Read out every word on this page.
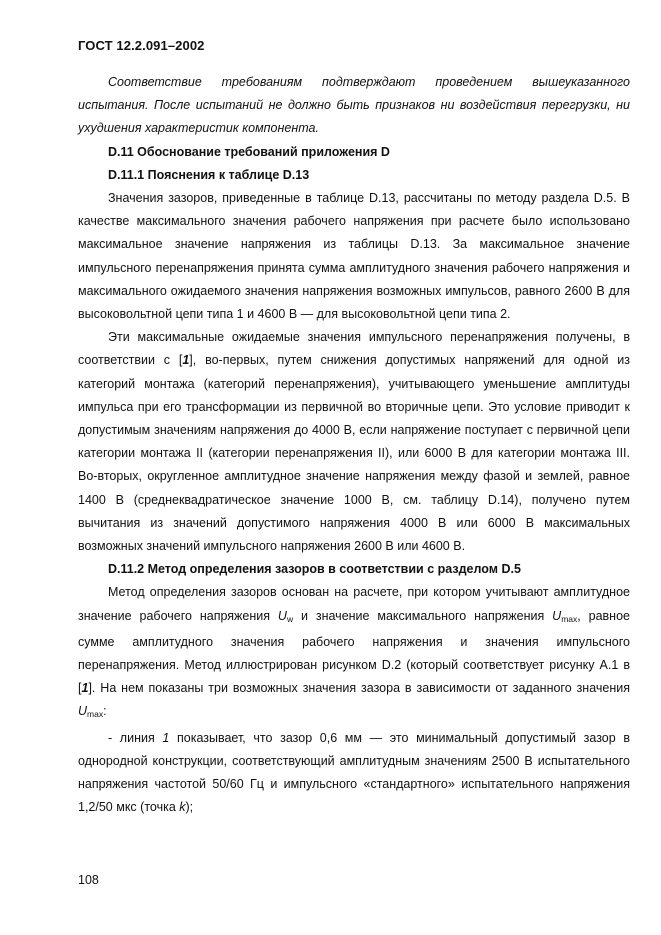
ГОСТ 12.2.091–2002

Соответствие требованиям подтверждают проведением вышеуказанного испытания. После испытаний не должно быть признаков ни воздействия перегрузки, ни ухудшения характеристик компонента.

D.11 Обоснование требований приложения D

D.11.1 Пояснения к таблице D.13

Значения зазоров, приведенные в таблице D.13, рассчитаны по методу раздела D.5. В качестве максимального значения рабочего напряжения при расчете было использовано максимальное значение напряжения из таблицы D.13. За максимальное значение импульсного перенапряжения принята сумма амплитудного значения рабочего напряжения и максимального ожидаемого значения напряжения возможных импульсов, равного 2600 В для высоковольтной цепи типа 1 и 4600 В — для высоковольтной цепи типа 2.

Эти максимальные ожидаемые значения импульсного перенапряжения получены, в соответствии с [1], во-первых, путем снижения допустимых напряжений для одной из категорий монтажа (категорий перенапряжения), учитывающего уменьшение амплитуды импульса при его трансформации из первичной во вторичные цепи. Это условие приводит к допустимым значениям напряжения до 4000 В, если напряжение поступает с первичной цепи категории монтажа II (категории перенапряжения II), или 6000 В для категории монтажа III. Во-вторых, округленное амплитудное значение напряжения между фазой и землей, равное 1400 В (среднеквадратическое значение 1000 В, см. таблицу D.14), получено путем вычитания из значений допустимого напряжения 4000 В или 6000 В максимальных возможных значений импульсного напряжения 2600 В или 4600 В.

D.11.2 Метод определения зазоров в соответствии с разделом D.5

Метод определения зазоров основан на расчете, при котором учитывают амплитудное значение рабочего напряжения $U_w$ и значение максимального напряжения $U_{max}$, равное сумме амплитудного значения рабочего напряжения и значения импульсного перенапряжения. Метод иллюстрирован рисунком D.2 (который соответствует рисунку А.1 в [1]. На нем показаны три возможных значения зазора в зависимости от заданного значения $U_{max}$:

- линия 1 показывает, что зазор 0,6 мм — это минимальный допустимый зазор в однородной конструкции, соответствующий амплитудным значениям 2500 В испытательного напряжения частотой 50/60 Гц и импульсного «стандартного» испытательного напряжения 1,2/50 мкс (точка k);

108
